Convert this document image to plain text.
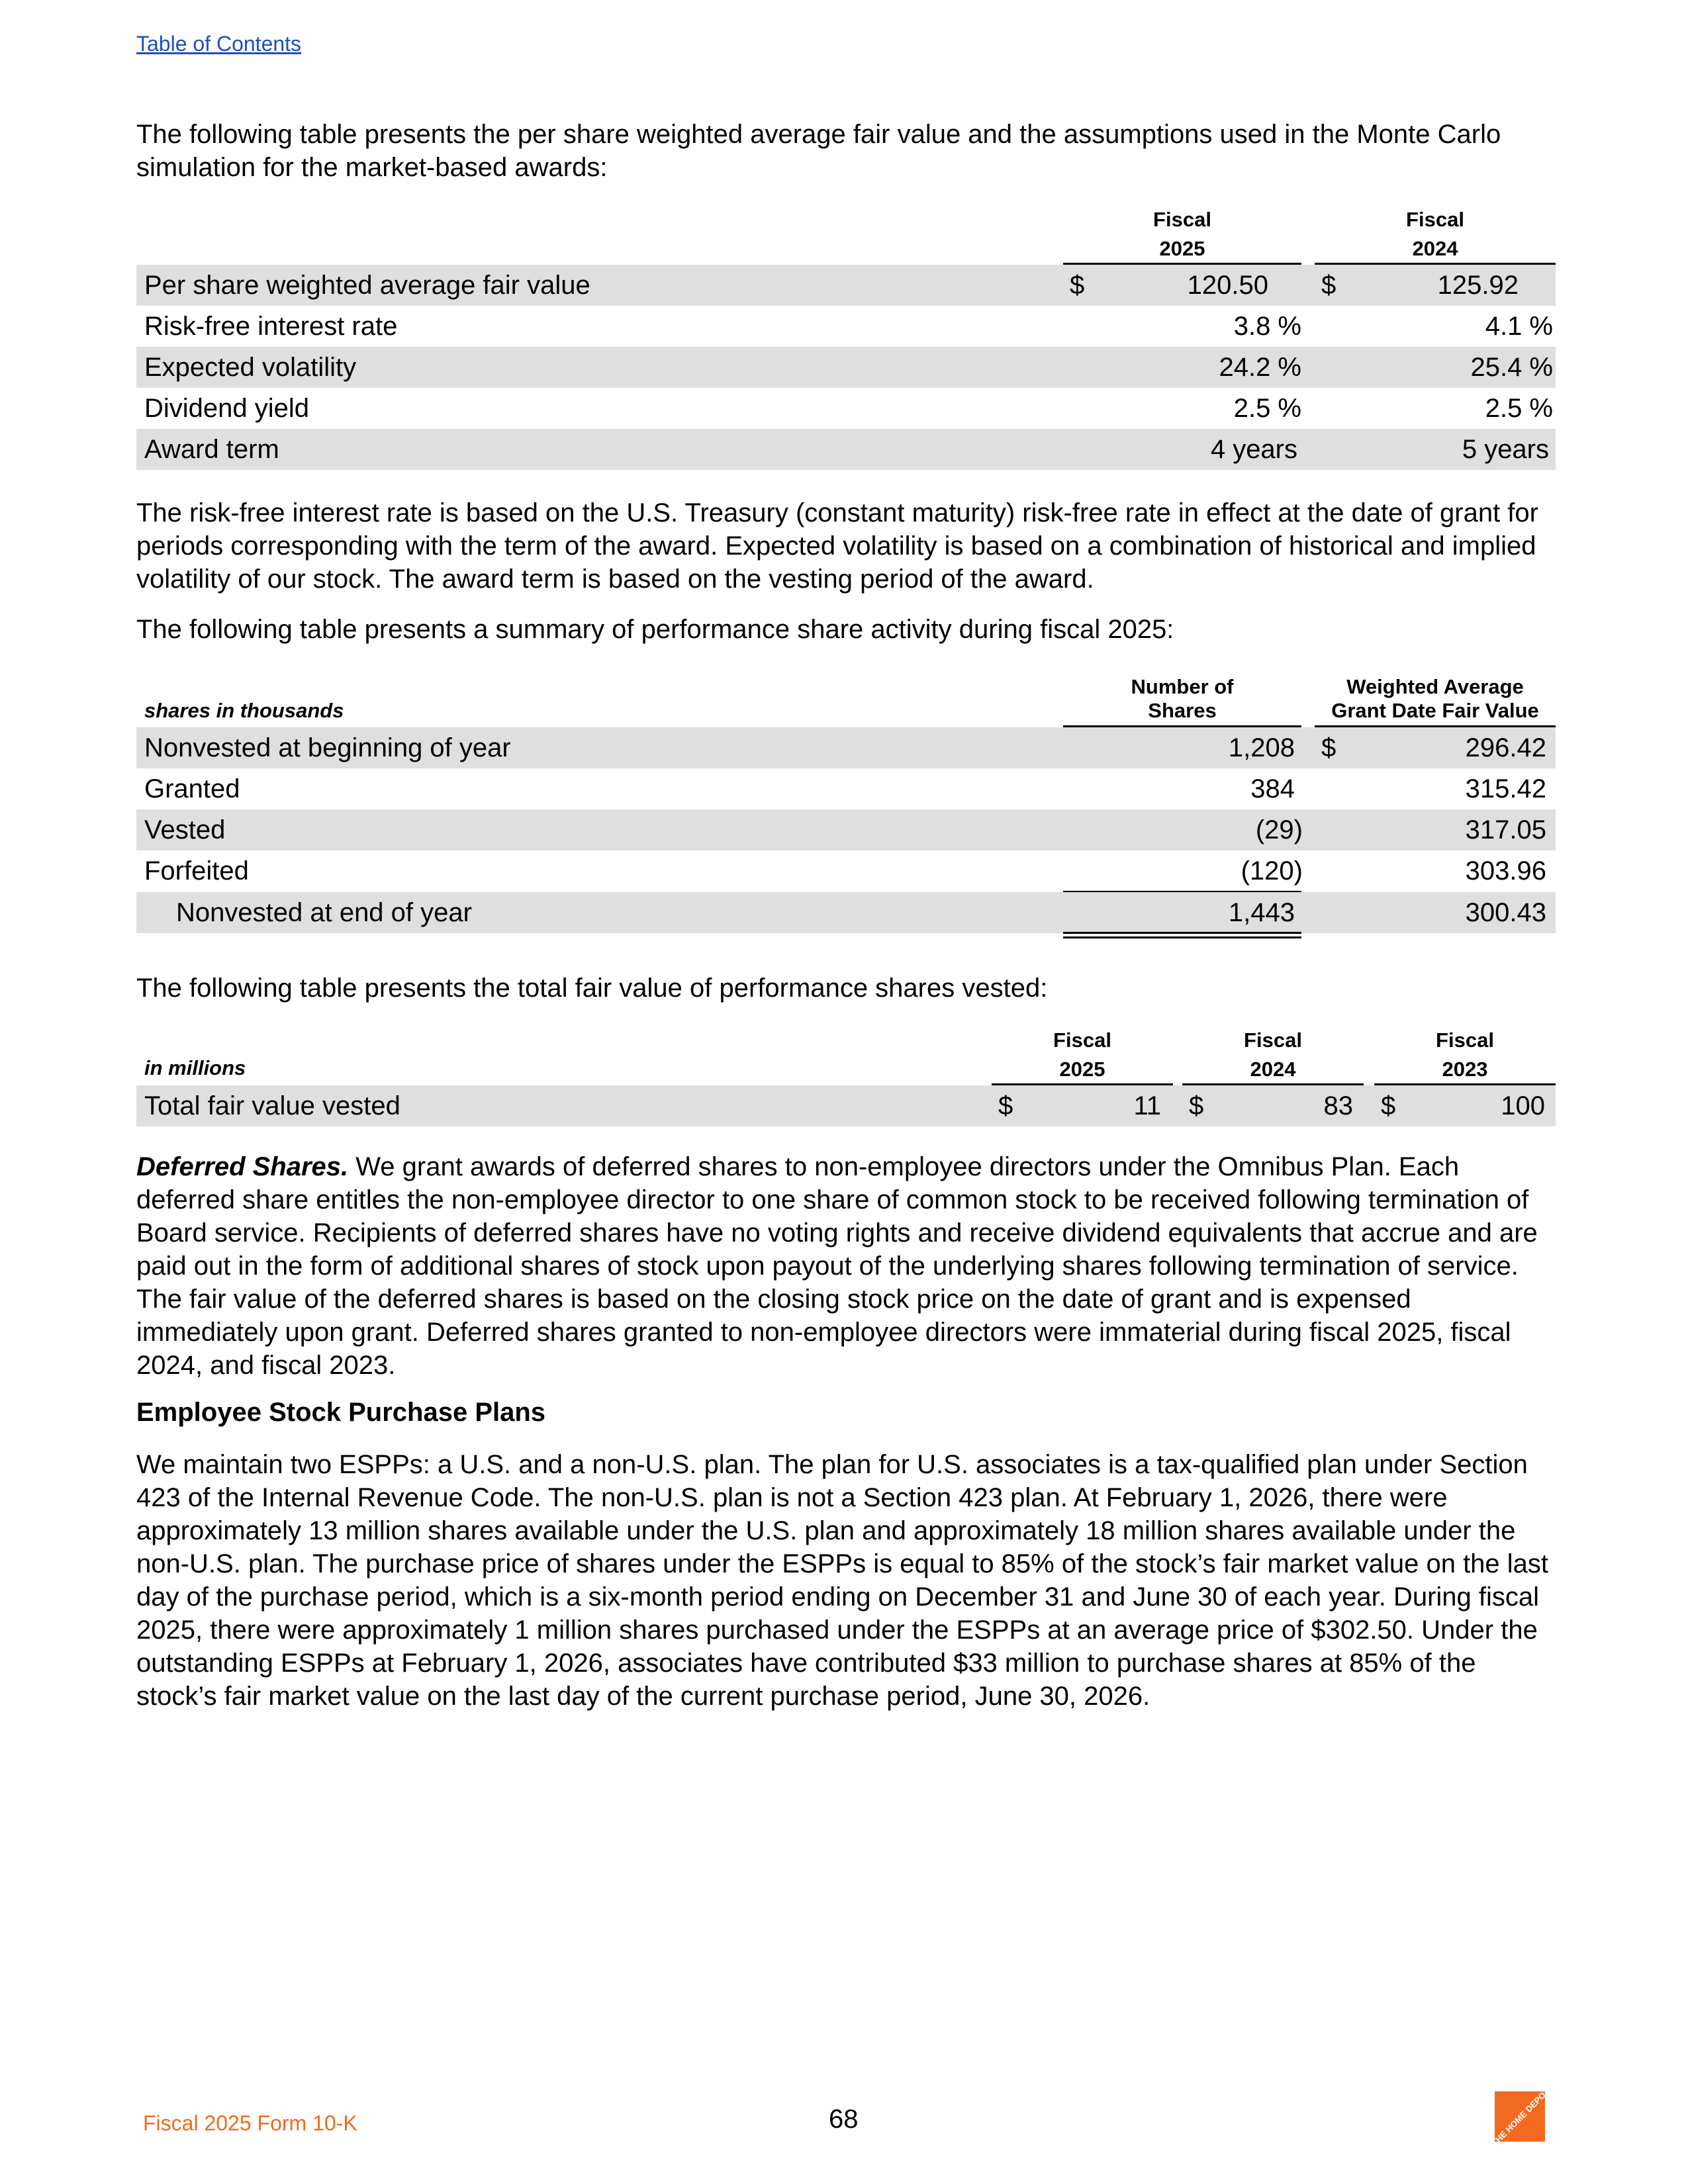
Table of Contents

The following table presents the per share weighted average fair value and the assumptions used in the Monte Carlo simulation for the market-based awards:

Fiscal
2025
Fiscal
2024
Per share weighted average fair value	$	120.50 $	125.92
Risk-free interest rate	3.8 %	4.1 %
Expected volatility	24.2 %	25.4 %
Dividend yield	2.5 %	2.5 %
Award term	4 years	5 years

The risk-free interest rate is based on the U.S. Treasury (constant maturity) risk-free rate in effect at the date of grant for periods corresponding with the term of the award. Expected volatility is based on a combination of historical and implied volatility of our stock. The award term is based on the vesting period of the award.

The following table presents a summary of performance share activity during fiscal 2025:

shares in thousands
Number of
Shares
Weighted Average
Grant Date Fair Value
Nonvested at beginning of year	1,208 $	296.42
Granted	384	315.42
Vested	(29)	317.05
Forfeited	(120)	303.96
Nonvested at end of year	1,443	300.43

The following table presents the total fair value of performance shares vested:

in millions
Fiscal
2025
Fiscal
2024
Fiscal
2023
Total fair value vested	$	11 $	83 $	100

Deferred Shares. We grant awards of deferred shares to non-employee directors under the Omnibus Plan. Each deferred share entitles the non-employee director to one share of common stock to be received following termination of Board service. Recipients of deferred shares have no voting rights and receive dividend equivalents that accrue and are paid out in the form of additional shares of stock upon payout of the underlying shares following termination of service. The fair value of the deferred shares is based on the closing stock price on the date of grant and is expensed immediately upon grant. Deferred shares granted to non-employee directors were immaterial during fiscal 2025, fiscal 2024, and fiscal 2023.

Employee Stock Purchase Plans

We maintain two ESPPs: a U.S. and a non-U.S. plan. The plan for U.S. associates is a tax-qualified plan under Section 423 of the Internal Revenue Code. The non-U.S. plan is not a Section 423 plan. At February 1, 2026, there were approximately 13 million shares available under the U.S. plan and approximately 18 million shares available under the non-U.S. plan. The purchase price of shares under the ESPPs is equal to 85% of the stock’s fair market value on the last day of the purchase period, which is a six-month period ending on December 31 and June 30 of each year. During fiscal 2025, there were approximately 1 million shares purchased under the ESPPs at an average price of $302.50. Under the outstanding ESPPs at February 1, 2026, associates have contributed $33 million to purchase shares at 85% of the stock’s fair market value on the last day of the current purchase period, June 30, 2026.

Fiscal 2025 Form 10-K	68	THE HOME DEPOT
